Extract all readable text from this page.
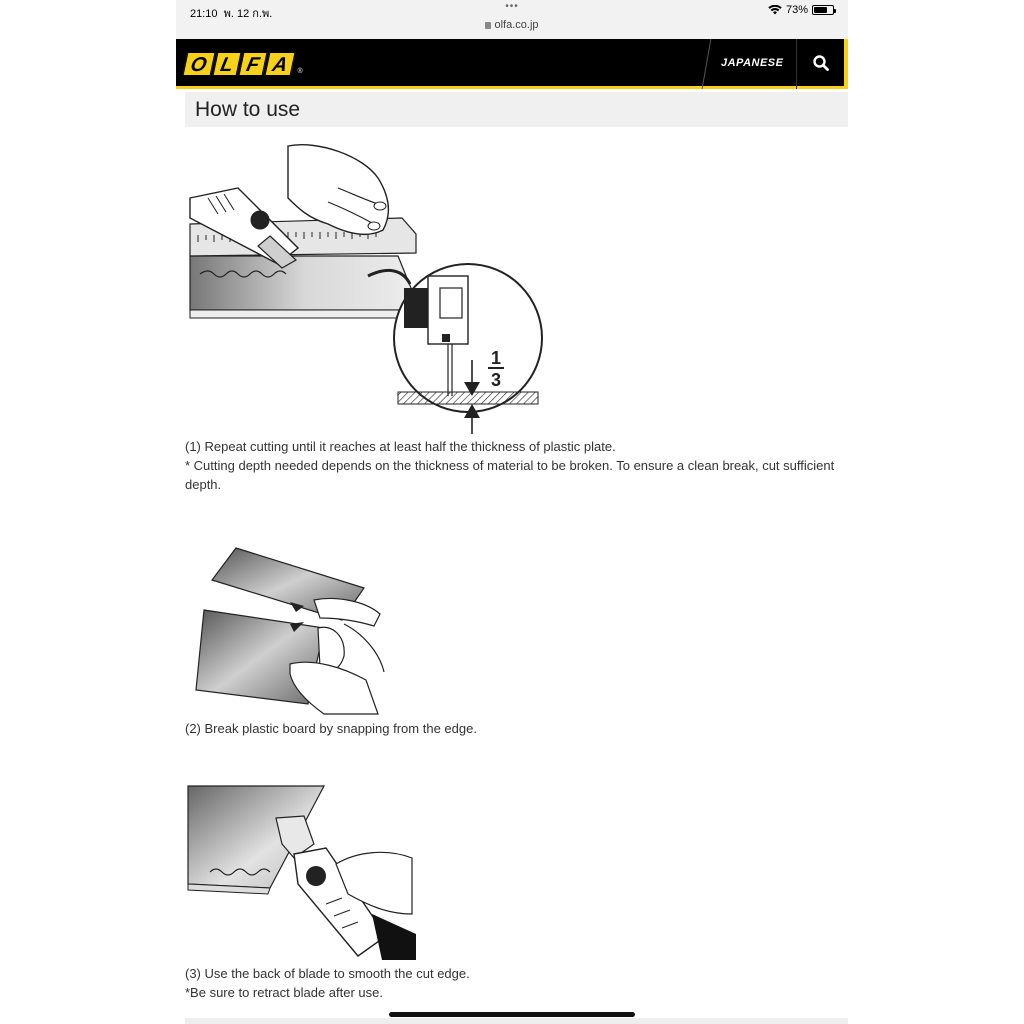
21:10 พ. 12 ก.พ.
•••
olfa.co.jp
73%
O L F A	®
JAPANESE
How to use
1
3
(1) Repeat cutting until it reaches at least half the thickness of plastic plate.
* Cutting depth needed depends on the thickness of material to be broken. To ensure a clean break, cut sufficient depth.
(2) Break plastic board by snapping from the edge.
(3) Use the back of blade to smooth the cut edge.
*Be sure to retract blade after use.
